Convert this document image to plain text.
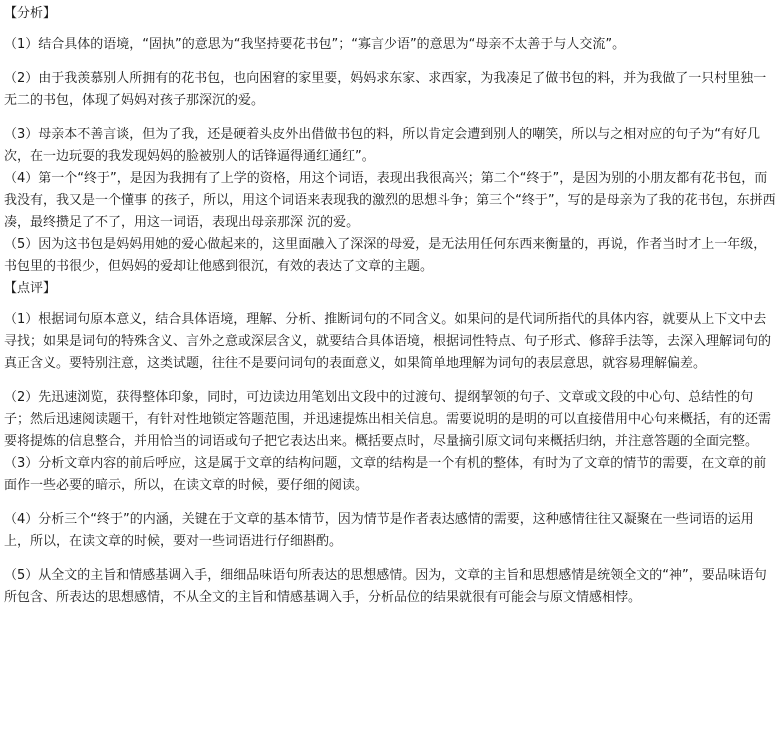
【分析】

（1）结合具体的语境，“固执”的意思为“我坚持要花书包”；“寡言少语”的意思为“母亲不太善于与人交流”。

（2）由于我羡慕别人所拥有的花书包，也向困窘的家里要，妈妈求东家、求西家，为我凑足了做书包的料，并为我做了一只村里独一无二的书包，体现了妈妈对孩子那深沉的爱。

（3）母亲本不善言谈，但为了我，还是硬着头皮外出借做书包的料，所以肯定会遭到别人的嘲笑，所以与之相对应的句子为“有好几次，在一边玩耍的我发现妈妈的脸被别人的话锋逼得通红通红”。

（4）第一个“终于”，是因为我拥有了上学的资格，用这个词语，表现出我很高兴；第二个“终于”，是因为别的小朋友都有花书包，而我没有，我又是一个懂事 的孩子，所以，用这个词语来表现我的激烈的思想斗争；第三个“终于”，写的是母亲为了我的花书包，东拼西凑，最终攒足了不了，用这一词语，表现出母亲那深 沉的爱。

（5）因为这书包是妈妈用她的爱心做起来的，这里面融入了深深的母爱，是无法用任何东西来衡量的，再说，作者当时才上一年级，书包里的书很少，但妈妈的爱却让他感到很沉，有效的表达了文章的主题。

【点评】

（1）根据词句原本意义，结合具体语境，理解、分析、推断词句的不同含义。如果问的是代词所指代的具体内容，就要从上下文中去寻找；如果是词句的特殊含义、言外之意或深层含义，就要结合具体语境，根据词性特点、句子形式、修辞手法等，去深入理解词句的真正含义。要特别注意，这类试题，往往不是要问词句的表面意义，如果简单地理解为词句的表层意思，就容易理解偏差。

（2）先迅速浏览，获得整体印象，同时，可边读边用笔划出文段中的过渡句、提纲挈领的句子、文章或文段的中心句、总结性的句子；然后迅速阅读题干，有针对性地锁定答题范围，并迅速提炼出相关信息。需要说明的是明的可以直接借用中心句来概括，有的还需要将提炼的信息整合，并用恰当的词语或句子把它表达出来。概括要点时，尽量摘引原文词句来概括归纳，并注意答题的全面完整。

（3）分析文章内容的前后呼应，这是属于文章的结构问题，文章的结构是一个有机的整体，有时为了文章的情节的需要，在文章的前面作一些必要的暗示，所以，在读文章的时候，要仔细的阅读。

（4）分析三个“终于”的内涵，关键在于文章的基本情节，因为情节是作者表达感情的需要，这种感情往往又凝聚在一些词语的运用上，所以，在读文章的时候，要对一些词语进行仔细斟酌。

（5）从全文的主旨和情感基调入手，细细品味语句所表达的思想感情。因为，文章的主旨和思想感情是统领全文的“神”，要品味语句所包含、所表达的思想感情，不从全文的主旨和情感基调入手，分析品位的结果就很有可能会与原文情感相悖。
